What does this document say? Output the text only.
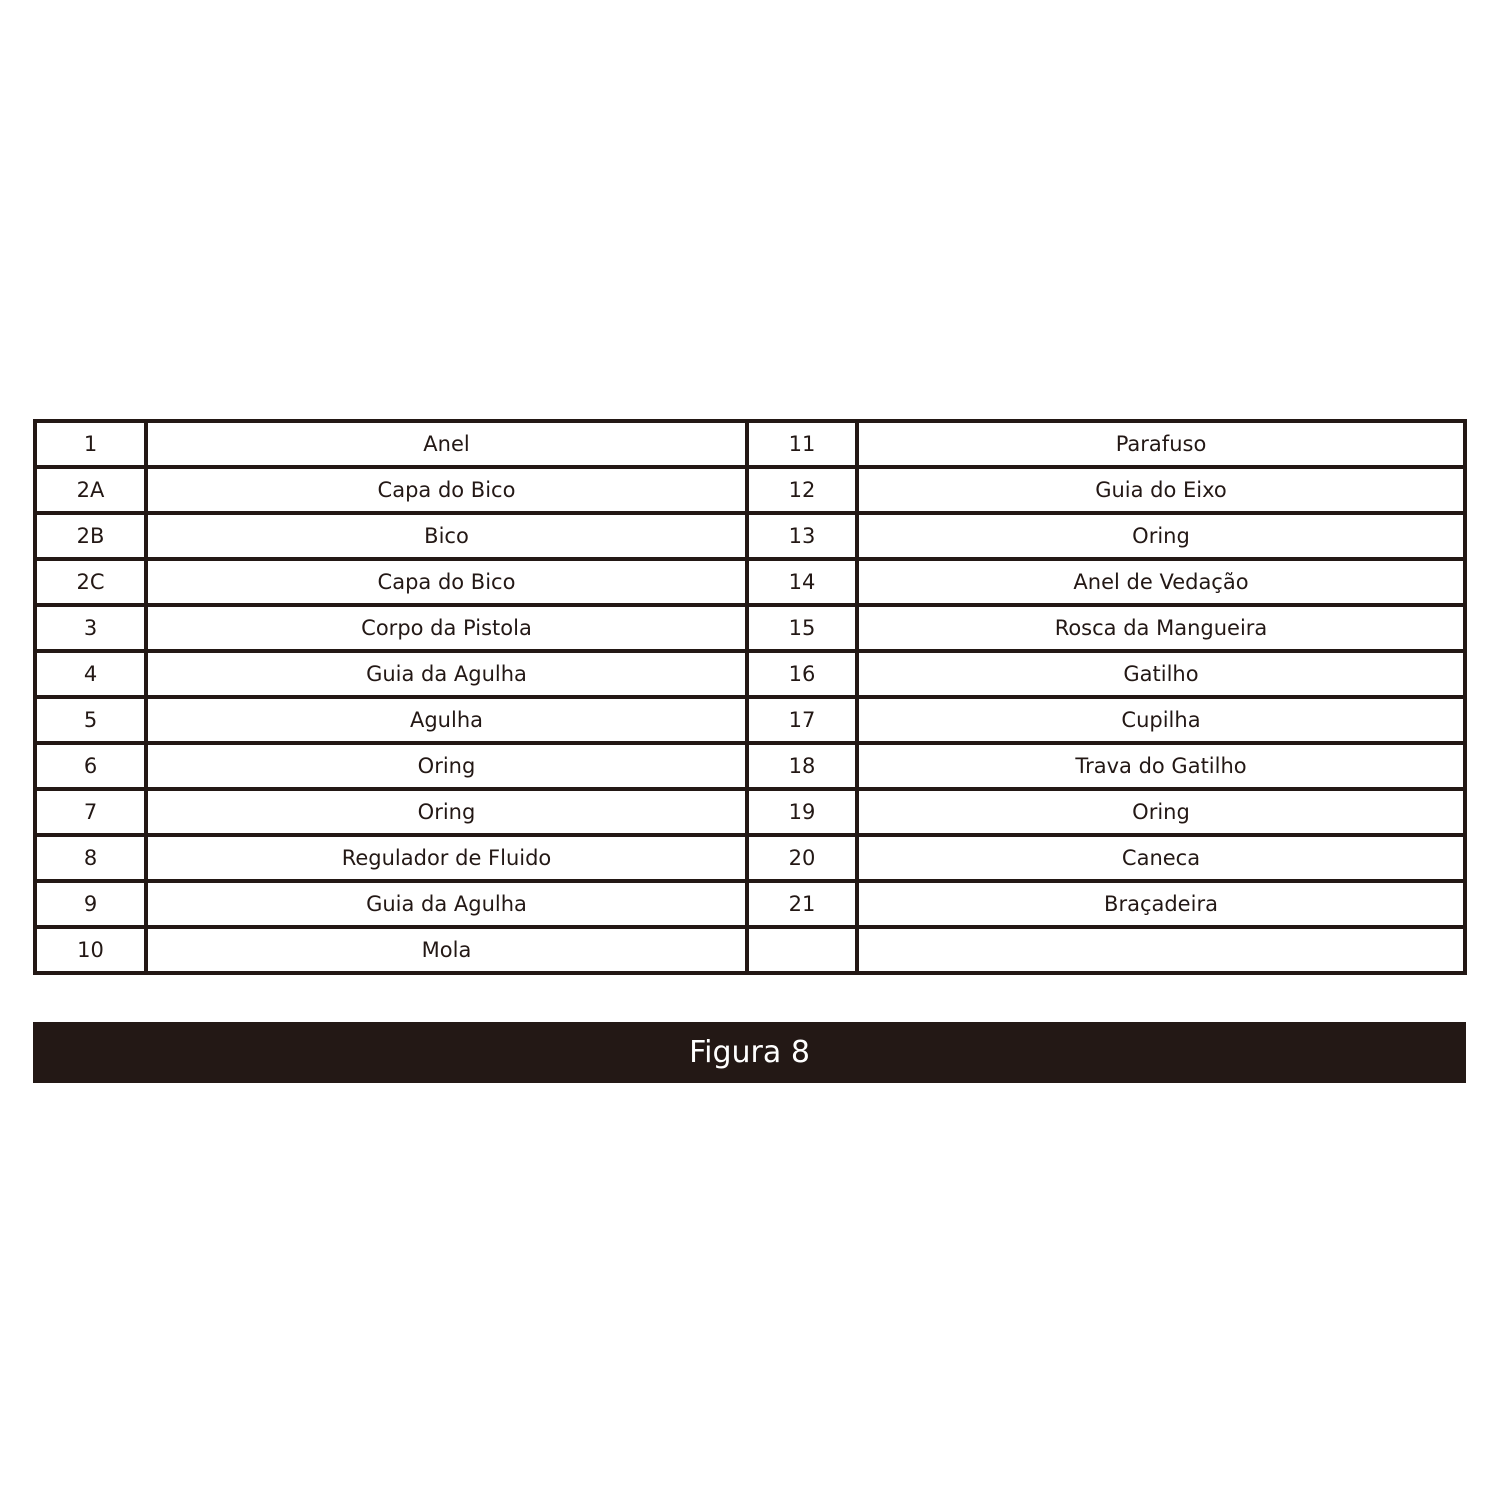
1	Anel	11	Parafuso
2A	Capa do Bico	12	Guia do Eixo
2B	Bico	13	Oring
2C	Capa do Bico	14	Anel de Vedação
3	Corpo da Pistola	15	Rosca da Mangueira
4	Guia da Agulha	16	Gatilho
5	Agulha	17	Cupilha
6	Oring	18	Trava do Gatilho
7	Oring	19	Oring
8	Regulador de Fluido	20	Caneca
9	Guia da Agulha	21	Braçadeira
10	Mola		
Figura 8
